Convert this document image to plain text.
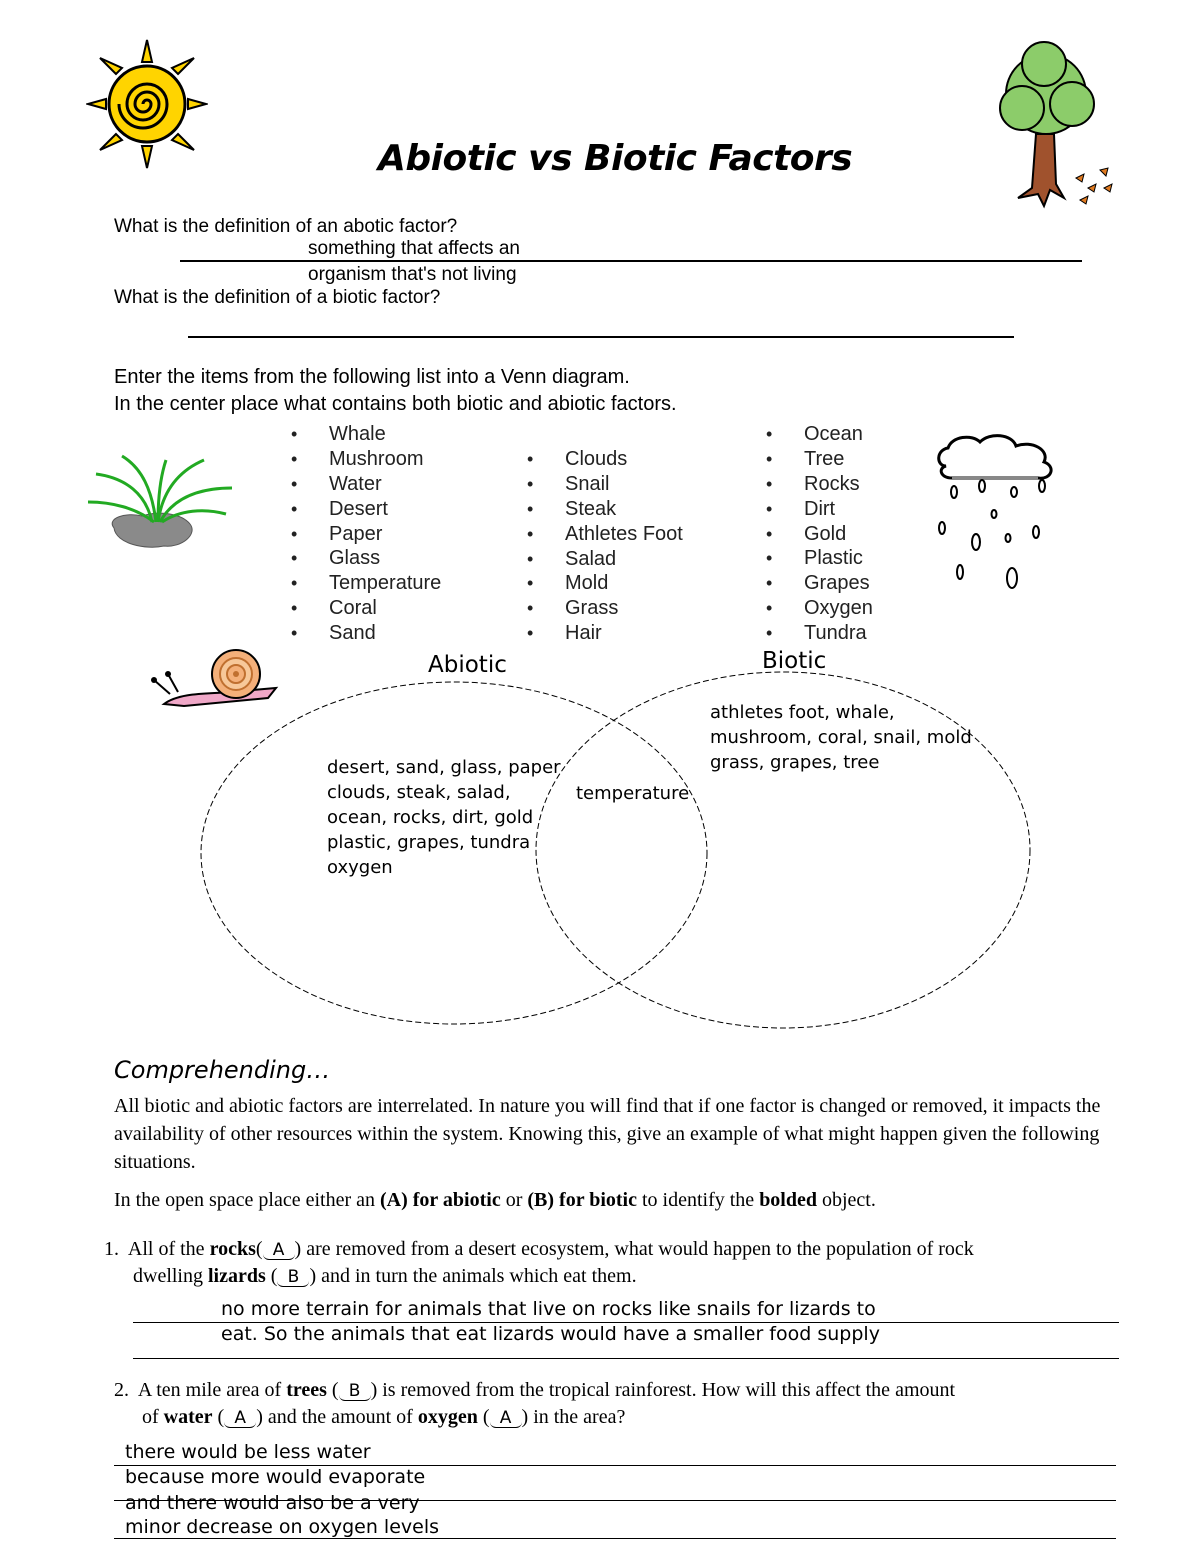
Abiotic vs Biotic Factors
What is the definition of an abotic factor?
something that affects an
organism that's not living
What is the definition of a biotic factor?
Enter the items from the following list into a Venn diagram.
In the center place what contains both biotic and abiotic factors.
• Whale
• Mushroom
• Water
• Desert
• Paper
• Glass
• Temperature
• Coral
• Sand
• Clouds
• Snail
• Steak
• Athletes Foot
• Salad
• Mold
• Grass
• Hair
• Ocean
• Tree
• Rocks
• Dirt
• Gold
• Plastic
• Grapes
• Oxygen
• Tundra
Abiotic	Biotic
desert, sand, glass, paper
clouds, steak, salad,
ocean, rocks, dirt, gold
plastic, grapes, tundra
oxygen
temperature
athletes foot, whale,
mushroom, coral, snail, mold
grass, grapes, tree
Comprehending…
All biotic and abiotic factors are interrelated. In nature you will find that if one factor is changed or removed, it impacts the availability of other resources within the system. Knowing this, give an example of what might happen given the following situations.
In the open space place either an (A) for abiotic or (B) for biotic to identify the bolded object.
1. All of the rocks( A ) are removed from a desert ecosystem, what would happen to the population of rock
dwelling lizards ( B ) and in turn the animals which eat them.
no more terrain for animals that live on rocks like snails for lizards to
eat. So the animals that eat lizards would have a smaller food supply
2. A ten mile area of trees ( B ) is removed from the tropical rainforest. How will this affect the amount
of water ( A ) and the amount of oxygen ( A ) in the area?
there would be less water
because more would evaporate
and there would also be a very
minor decrease on oxygen levels
